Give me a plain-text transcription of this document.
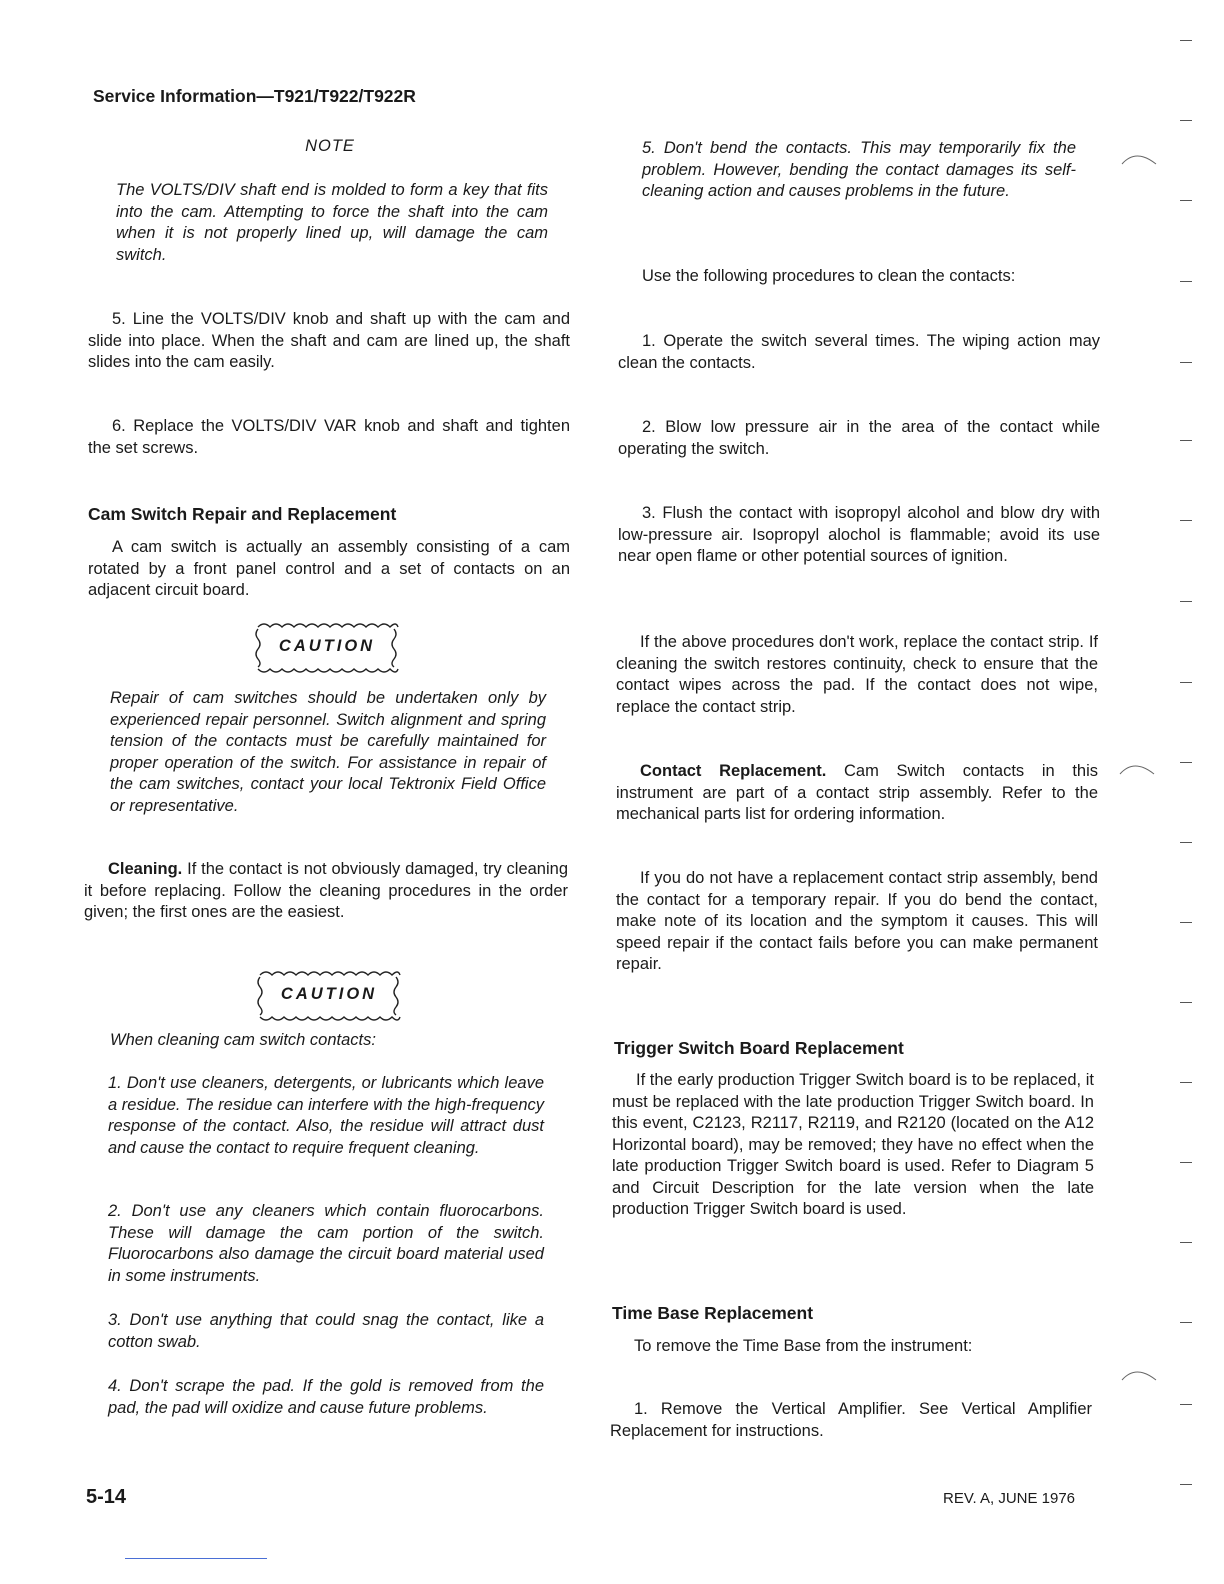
Service Information—T921/T922/T922R
NOTE

The VOLTS/DIV shaft end is molded to form a key that fits into the cam. Attempting to force the shaft into the cam when it is not properly lined up, will damage the cam switch.

5. Line the VOLTS/DIV knob and shaft up with the cam and slide into place. When the shaft and cam are lined up, the shaft slides into the cam easily.

6. Replace the VOLTS/DIV VAR knob and shaft and tighten the set screws.

Cam Switch Repair and Replacement

A cam switch is actually an assembly consisting of a cam rotated by a front panel control and a set of contacts on an adjacent circuit board.

CAUTION

Repair of cam switches should be undertaken only by experienced repair personnel. Switch alignment and spring tension of the contacts must be carefully maintained for proper operation of the switch. For assistance in repair of the cam switches, contact your local Tektronix Field Office or representative.

Cleaning. If the contact is not obviously damaged, try cleaning it before replacing. Follow the cleaning procedures in the order given; the first ones are the easiest.

CAUTION

When cleaning cam switch contacts:

1. Don't use cleaners, detergents, or lubricants which leave a residue. The residue can interfere with the high-frequency response of the contact. Also, the residue will attract dust and cause the contact to require frequent cleaning.

2. Don't use any cleaners which contain fluorocarbons. These will damage the cam portion of the switch. Fluorocarbons also damage the circuit board material used in some instruments.

3. Don't use anything that could snag the contact, like a cotton swab.

4. Don't scrape the pad. If the gold is removed from the pad, the pad will oxidize and cause future problems.

5. Don't bend the contacts. This may temporarily fix the problem. However, bending the contact damages its self-cleaning action and causes problems in the future.

Use the following procedures to clean the contacts:

1. Operate the switch several times. The wiping action may clean the contacts.

2. Blow low pressure air in the area of the contact while operating the switch.

3. Flush the contact with isopropyl alcohol and blow dry with low-pressure air. Isopropyl alochol is flammable; avoid its use near open flame or other potential sources of ignition.

If the above procedures don't work, replace the contact strip. If cleaning the switch restores continuity, check to ensure that the contact wipes across the pad. If the contact does not wipe, replace the contact strip.

Contact Replacement. Cam Switch contacts in this instrument are part of a contact strip assembly. Refer to the mechanical parts list for ordering information.

If you do not have a replacement contact strip assembly, bend the contact for a temporary repair. If you do bend the contact, make note of its location and the symptom it causes. This will speed repair if the contact fails before you can make permanent repair.

Trigger Switch Board Replacement

If the early production Trigger Switch board is to be replaced, it must be replaced with the late production Trigger Switch board. In this event, C2123, R2117, R2119, and R2120 (located on the A12 Horizontal board), may be removed; they have no effect when the late production Trigger Switch board is used. Refer to Diagram 5 and Circuit Description for the late version when the late production Trigger Switch board is used.

Time Base Replacement

To remove the Time Base from the instrument:

1. Remove the Vertical Amplifier. See Vertical Amplifier Replacement for instructions.

5-14	REV. A, JUNE 1976
